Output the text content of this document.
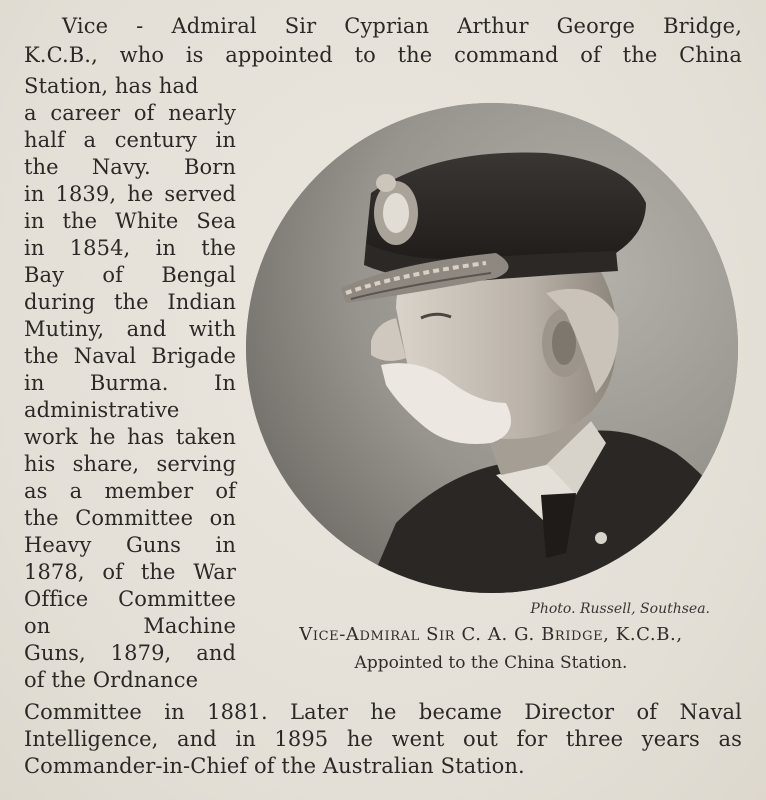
Vice - Admiral Sir Cyprian Arthur George Bridge,
K.C.B., who is appointed to the command of the China
Station, has had
a career of nearly
half a century in
the Navy. Born
in 1839, he served
in the White Sea
in 1854, in the
Bay of Bengal
during the Indian
Mutiny, and with
the Naval Brigade
in Burma. In
administrative
work he has taken
his share, serving
as a member of
the Committee on
Heavy Guns in
1878, of the War
Office Committee
on Machine
Guns, 1879, and
of the Ordnance
Committee in 1881. Later he became Director of Naval
Intelligence, and in 1895 he went out for three years as
Commander-in-Chief of the Australian Station.
Photo. Russell, Southsea.
Vice-Admiral Sir C. A. G. Bridge, K.C.B.,
Appointed to the China Station.
